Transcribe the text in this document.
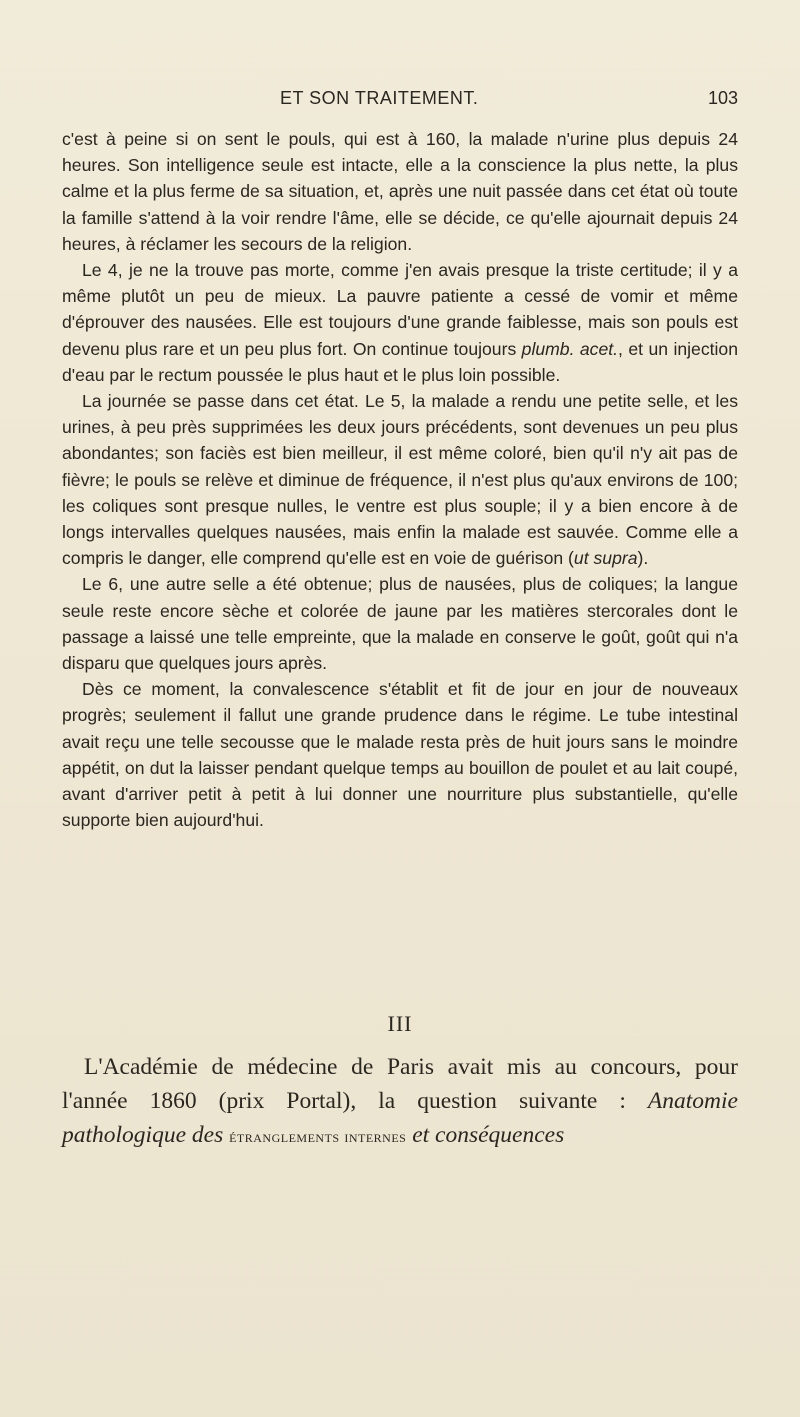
ET SON TRAITEMENT.	103

c'est à peine si on sent le pouls, qui est à 160, la malade n'urine plus depuis 24 heures. Son intelligence seule est intacte, elle a la conscience la plus nette, la plus calme et la plus ferme de sa situation, et, après une nuit passée dans cet état où toute la famille s'attend à la voir rendre l'âme, elle se décide, ce qu'elle ajournait depuis 24 heures, à réclamer les secours de la religion.

Le 4, je ne la trouve pas morte, comme j'en avais presque la triste certitude; il y a même plutôt un peu de mieux. La pauvre patiente a cessé de vomir et même d'éprouver des nausées. Elle est toujours d'une grande faiblesse, mais son pouls est devenu plus rare et un peu plus fort. On continue toujours plumb. acet., et un injection d'eau par le rectum poussée le plus haut et le plus loin possible.

La journée se passe dans cet état. Le 5, la malade a rendu une petite selle, et les urines, à peu près supprimées les deux jours précédents, sont devenues un peu plus abondantes; son faciès est bien meilleur, il est même coloré, bien qu'il n'y ait pas de fièvre; le pouls se relève et diminue de fréquence, il n'est plus qu'aux environs de 100; les coliques sont presque nulles, le ventre est plus souple; il y a bien encore à de longs intervalles quelques nausées, mais enfin la malade est sauvée. Comme elle a compris le danger, elle comprend qu'elle est en voie de guérison (ut supra).

Le 6, une autre selle a été obtenue; plus de nausées, plus de coliques; la langue seule reste encore sèche et colorée de jaune par les matières stercorales dont le passage a laissé une telle empreinte, que la malade en conserve le goût, goût qui n'a disparu que quelques jours après.

Dès ce moment, la convalescence s'établit et fit de jour en jour de nouveaux progrès; seulement il fallut une grande prudence dans le régime. Le tube intestinal avait reçu une telle secousse que le malade resta près de huit jours sans le moindre appétit, on dut la laisser pendant quelque temps au bouillon de poulet et au lait coupé, avant d'arriver petit à petit à lui donner une nourriture plus substantielle, qu'elle supporte bien aujourd'hui.

III

L'Académie de médecine de Paris avait mis au concours, pour l'année 1860 (prix Portal), la question suivante : Anatomie pathologique des étranglements internes et conséquences
